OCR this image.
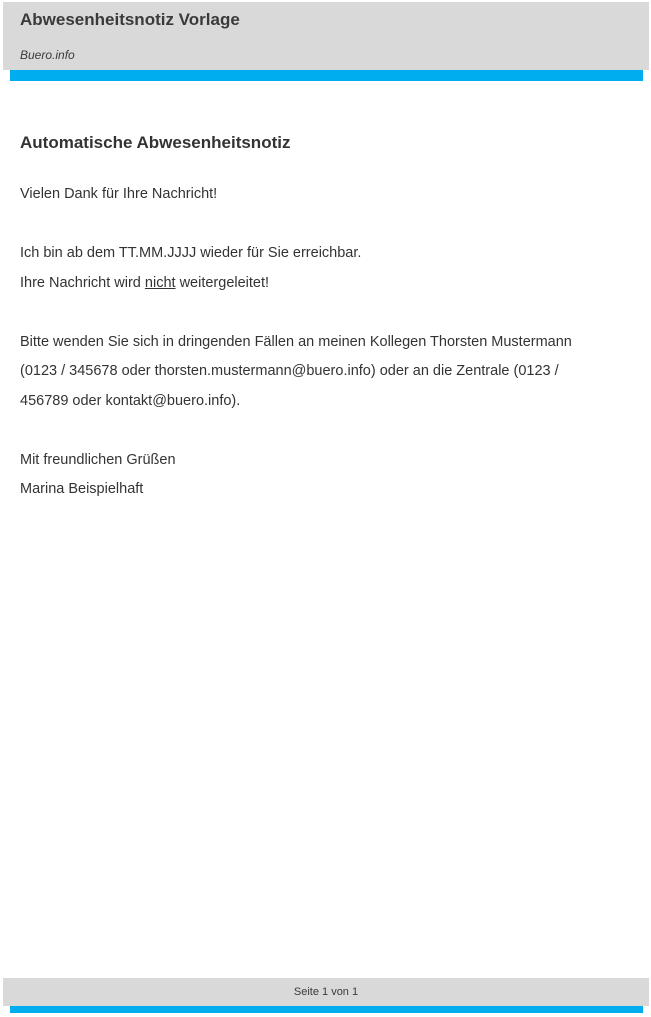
Abwesenheitsnotiz Vorlage
Buero.info
Automatische Abwesenheitsnotiz
Vielen Dank für Ihre Nachricht!
Ich bin ab dem TT.MM.JJJJ wieder für Sie erreichbar.
Ihre Nachricht wird nicht weitergeleitet!
Bitte wenden Sie sich in dringenden Fällen an meinen Kollegen Thorsten Mustermann
(0123 / 345678 oder thorsten.mustermann@buero.info) oder an die Zentrale (0123 /
456789 oder kontakt@buero.info).
Mit freundlichen Grüßen
Marina Beispielhaft
Seite 1 von 1
